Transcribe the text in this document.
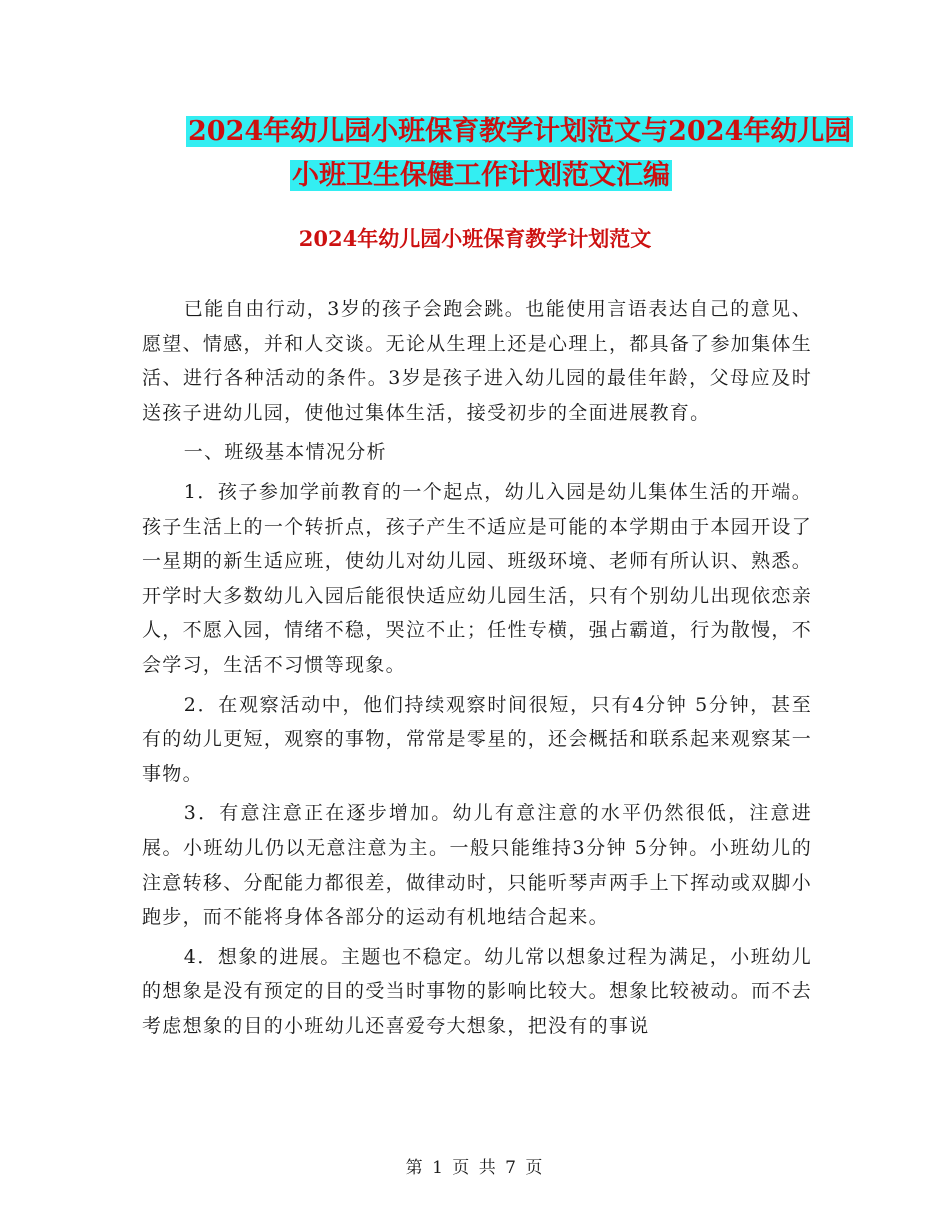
2024年幼儿园小班保育教学计划范文与2024年幼儿园
小班卫生保健工作计划范文汇编
2024年幼儿园小班保育教学计划范文

已能自由行动，3岁的孩子会跑会跳。也能使用言语表达自己的意见、愿望、情感，并和人交谈。无论从生理上还是心理上，都具备了参加集体生活、进行各种活动的条件。3岁是孩子进入幼儿园的最佳年龄，父母应及时送孩子进幼儿园，使他过集体生活，接受初步的全面进展教育。

一、班级基本情况分析

1．孩子参加学前教育的一个起点，幼儿入园是幼儿集体生活的开端。孩子生活上的一个转折点，孩子产生不适应是可能的本学期由于本园开设了一星期的新生适应班，使幼儿对幼儿园、班级环境、老师有所认识、熟悉。开学时大多数幼儿入园后能很快适应幼儿园生活，只有个别幼儿出现依恋亲人，不愿入园，情绪不稳，哭泣不止；任性专横，强占霸道，行为散慢，不会学习，生活不习惯等现象。

2．在观察活动中，他们持续观察时间很短，只有4分钟 5分钟，甚至有的幼儿更短，观察的事物，常常是零星的，还会概括和联系起来观察某一事物。

3．有意注意正在逐步增加。幼儿有意注意的水平仍然很低，注意进展。小班幼儿仍以无意注意为主。一般只能维持3分钟 5分钟。小班幼儿的注意转移、分配能力都很差，做律动时，只能听琴声两手上下挥动或双脚小跑步，而不能将身体各部分的运动有机地结合起来。

4．想象的进展。主题也不稳定。幼儿常以想象过程为满足，小班幼儿的想象是没有预定的目的受当时事物的影响比较大。想象比较被动。而不去考虑想象的目的小班幼儿还喜爱夸大想象，把没有的事说

第 1 页 共 7 页
